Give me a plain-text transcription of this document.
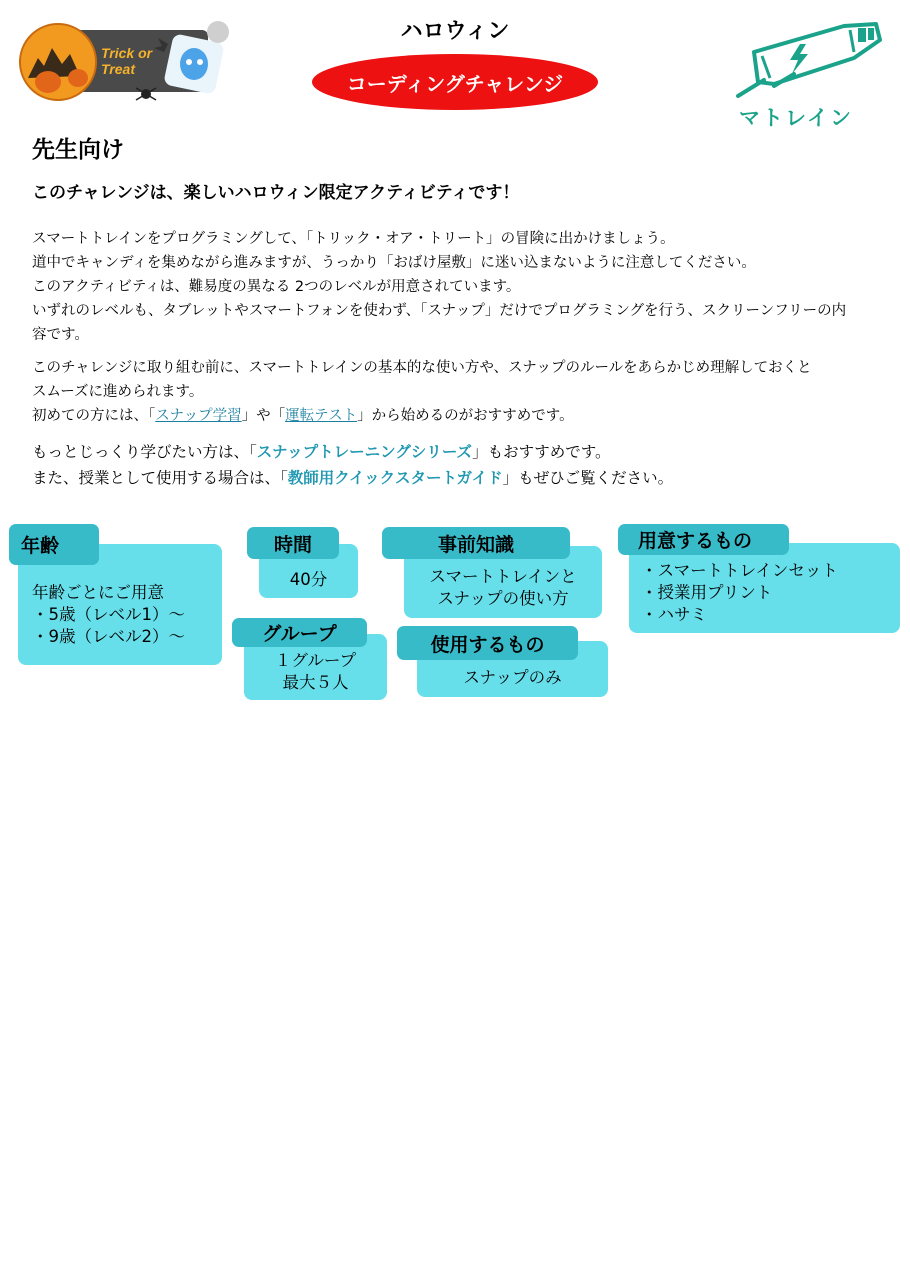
ハロウィン
コーディングチャレンジ
Trick or
Treat
マトレイン
先生向け
このチャレンジは、楽しいハロウィン限定アクティビティです！

スマートトレインをプログラミングして、「トリック・オア・トリート」の冒険に出かけましょう。

道中でキャンディを集めながら進みますが、うっかり「おばけ屋敷」に迷い込まないように注意してください。

このアクティビティは、難易度の異なる 2つのレベルが用意されています。

いずれのレベルも、タブレットやスマートフォンを使わず、「スナップ」だけでプログラミングを行う、スクリーンフリーの内

容です。

このチャレンジに取り組む前に、スマートトレインの基本的な使い方や、スナップのルールをあらかじめ理解しておくと

スムーズに進められます。

初めての方には、「スナップ学習」や「運転テスト」から始めるのがおすすめです。

もっとじっくり学びたい方は、「スナップトレーニングシリーズ」もおすすめです。

また、授業として使用する場合は、「教師用クイックスタートガイド」もぜひご覧ください。

年齢
年齢ごとにご用意
・5歳（レベル1）～
・9歳（レベル2）～
時間
40分
グループ
１グループ
最大５人
事前知識
スマートトレインと
スナップの使い方
使用するもの
スナップのみ
用意するもの
・スマートトレインセット
・授業用プリント
・ハサミ
